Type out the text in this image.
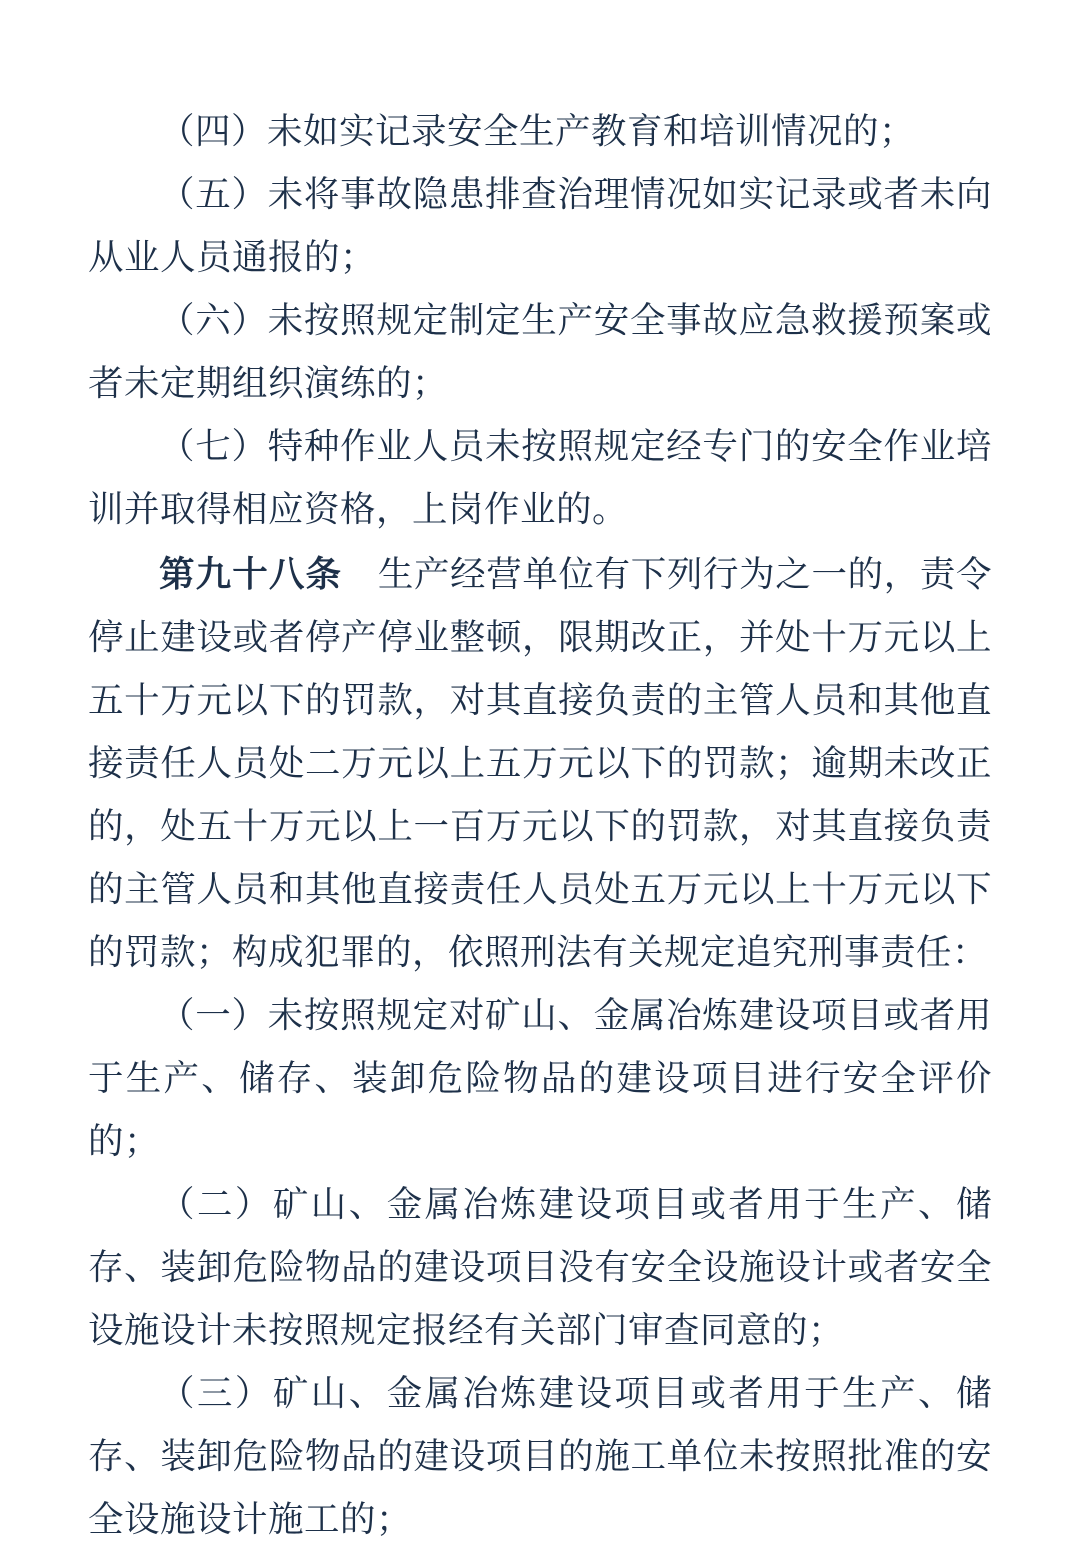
（四）未如实记录安全生产教育和培训情况的；

（五）未将事故隐患排查治理情况如实记录或者未向从业人员通报的；

（六）未按照规定制定生产安全事故应急救援预案或者未定期组织演练的；

（七）特种作业人员未按照规定经专门的安全作业培训并取得相应资格，上岗作业的。

第九十八条 生产经营单位有下列行为之一的，责令停止建设或者停产停业整顿，限期改正，并处十万元以上五十万元以下的罚款，对其直接负责的主管人员和其他直接责任人员处二万元以上五万元以下的罚款；逾期未改正的，处五十万元以上一百万元以下的罚款，对其直接负责的主管人员和其他直接责任人员处五万元以上十万元以下的罚款；构成犯罪的，依照刑法有关规定追究刑事责任：

（一）未按照规定对矿山、金属冶炼建设项目或者用于生产、储存、装卸危险物品的建设项目进行安全评价的；

（二）矿山、金属冶炼建设项目或者用于生产、储存、装卸危险物品的建设项目没有安全设施设计或者安全设施设计未按照规定报经有关部门审查同意的；

（三）矿山、金属冶炼建设项目或者用于生产、储存、装卸危险物品的建设项目的施工单位未按照批准的安全设施设计施工的；
